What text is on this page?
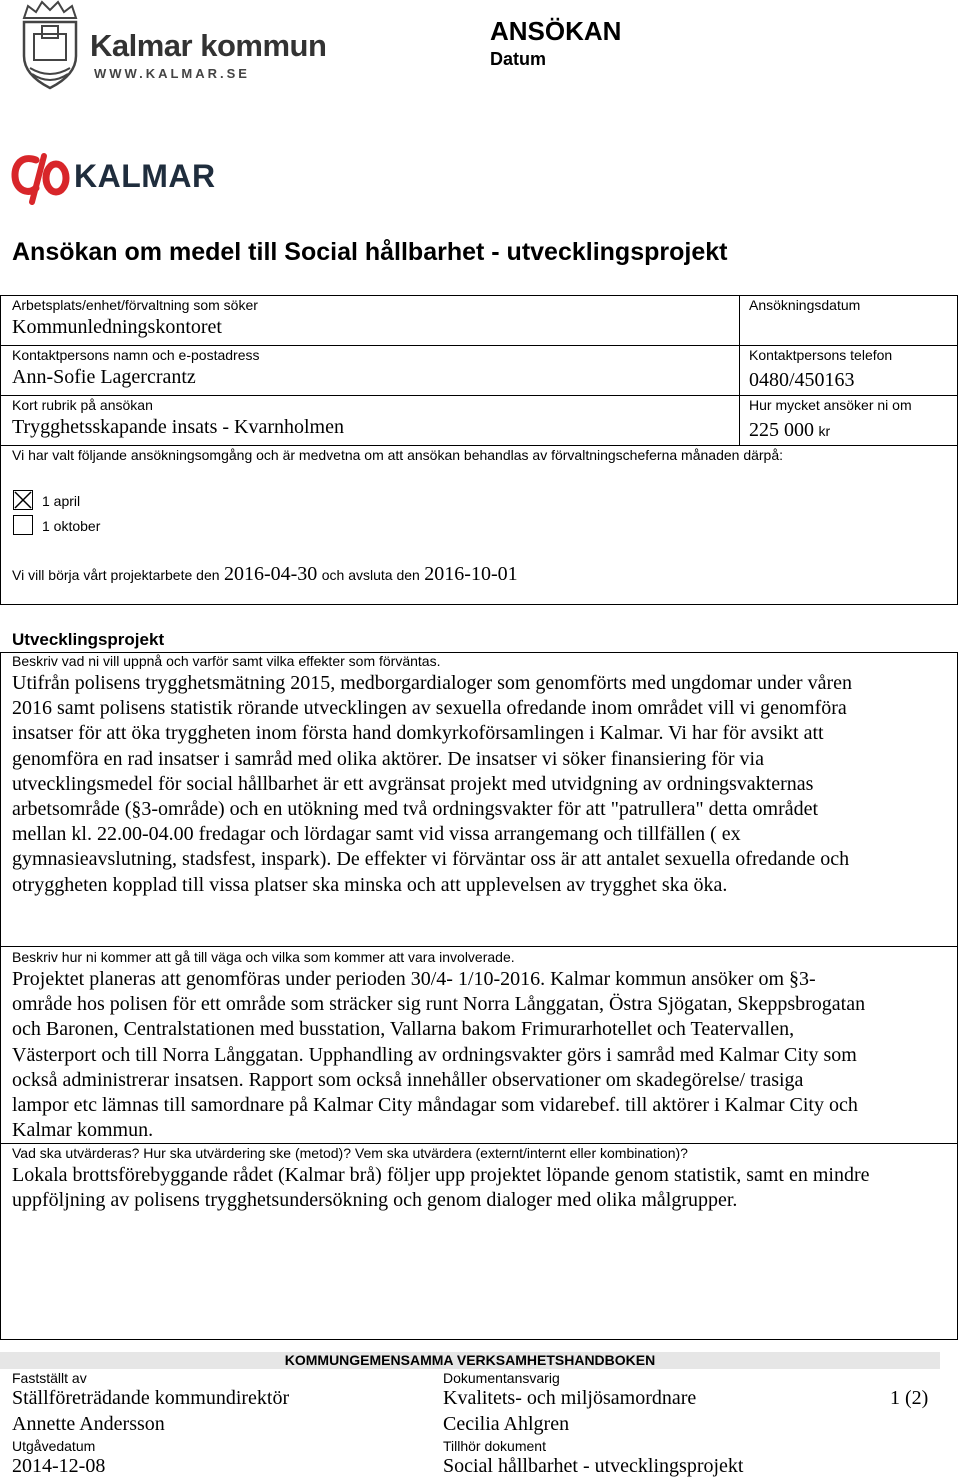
Kalmar kommun
WWW.KALMAR.SE
ANSÖKAN
Datum
KALMAR
Ansökan om medel till Social hållbarhet - utvecklingsprojekt
Arbetsplats/enhet/förvaltning som söker
Kommunledningskontoret
Ansökningsdatum
Kontaktpersons namn och e-postadress
Ann-Sofie Lagercrantz
Kontaktpersons telefon
0480/450163
Kort rubrik på ansökan
Trygghetsskapande insats - Kvarnholmen
Hur mycket ansöker ni om
225 000 kr
Vi har valt följande ansökningsomgång och är medvetna om att ansökan behandlas av förvaltningscheferna månaden därpå:
1 april
1 oktober
Vi vill börja vårt projektarbete den 2016-04-30 och avsluta den 2016-10-01
Utvecklingsprojekt
Beskriv vad ni vill uppnå och varför samt vilka effekter som förväntas.
Utifrån polisens trygghetsmätning 2015, medborgardialoger som genomförts med ungdomar under våren
2016 samt polisens statistik rörande utvecklingen av sexuella ofredande inom området vill vi genomföra
insatser för att öka tryggheten inom första hand domkyrkoförsamlingen i Kalmar. Vi har för avsikt att
genomföra en rad insatser i samråd med olika aktörer. De insatser vi söker finansiering för via
utvecklingsmedel för social hållbarhet är ett avgränsat projekt med utvidgning av ordningsvakternas
arbetsområde (§3-område) och en utökning med två ordningsvakter för att "patrullera" detta området
mellan kl. 22.00-04.00 fredagar och lördagar samt vid vissa arrangemang och tillfällen ( ex
gymnasieavslutning, stadsfest, inspark). De effekter vi förväntar oss är att antalet sexuella ofredande och
otryggheten kopplad till vissa platser ska minska och att upplevelsen av trygghet ska öka.
Beskriv hur ni kommer att gå till väga och vilka som kommer att vara involverade.
Projektet planeras att genomföras under perioden 30/4- 1/10-2016. Kalmar kommun ansöker om §3-
område hos polisen för ett område som sträcker sig runt Norra Långgatan, Östra Sjögatan, Skeppsbrogatan
och Baronen, Centralstationen med busstation, Vallarna bakom Frimurarhotellet och Teatervallen,
Västerport och till Norra Långgatan. Upphandling av ordningsvakter görs i samråd med Kalmar City som
också administrerar insatsen. Rapport som också innehåller observationer om skadegörelse/ trasiga
lampor etc lämnas till samordnare på Kalmar City måndagar som vidarebef. till aktörer i Kalmar City och
Kalmar kommun.
Vad ska utvärderas? Hur ska utvärdering ske (metod)? Vem ska utvärdera (externt/internt eller kombination)?
Lokala brottsförebyggande rådet (Kalmar brå) följer upp projektet löpande genom statistik, samt en mindre
uppföljning av polisens trygghetsundersökning och genom dialoger med olika målgrupper.
KOMMUNGEMENSAMMA VERKSAMHETSHANDBOKEN
Fastställt av
Ställföreträdande kommundirektör
Annette Andersson
Dokumentansvarig
Kvalitets- och miljösamordnare
Cecilia Ahlgren
1 (2)
Utgåvedatum
2014-12-08
Tillhör dokument
Social hållbarhet - utvecklingsprojekt
